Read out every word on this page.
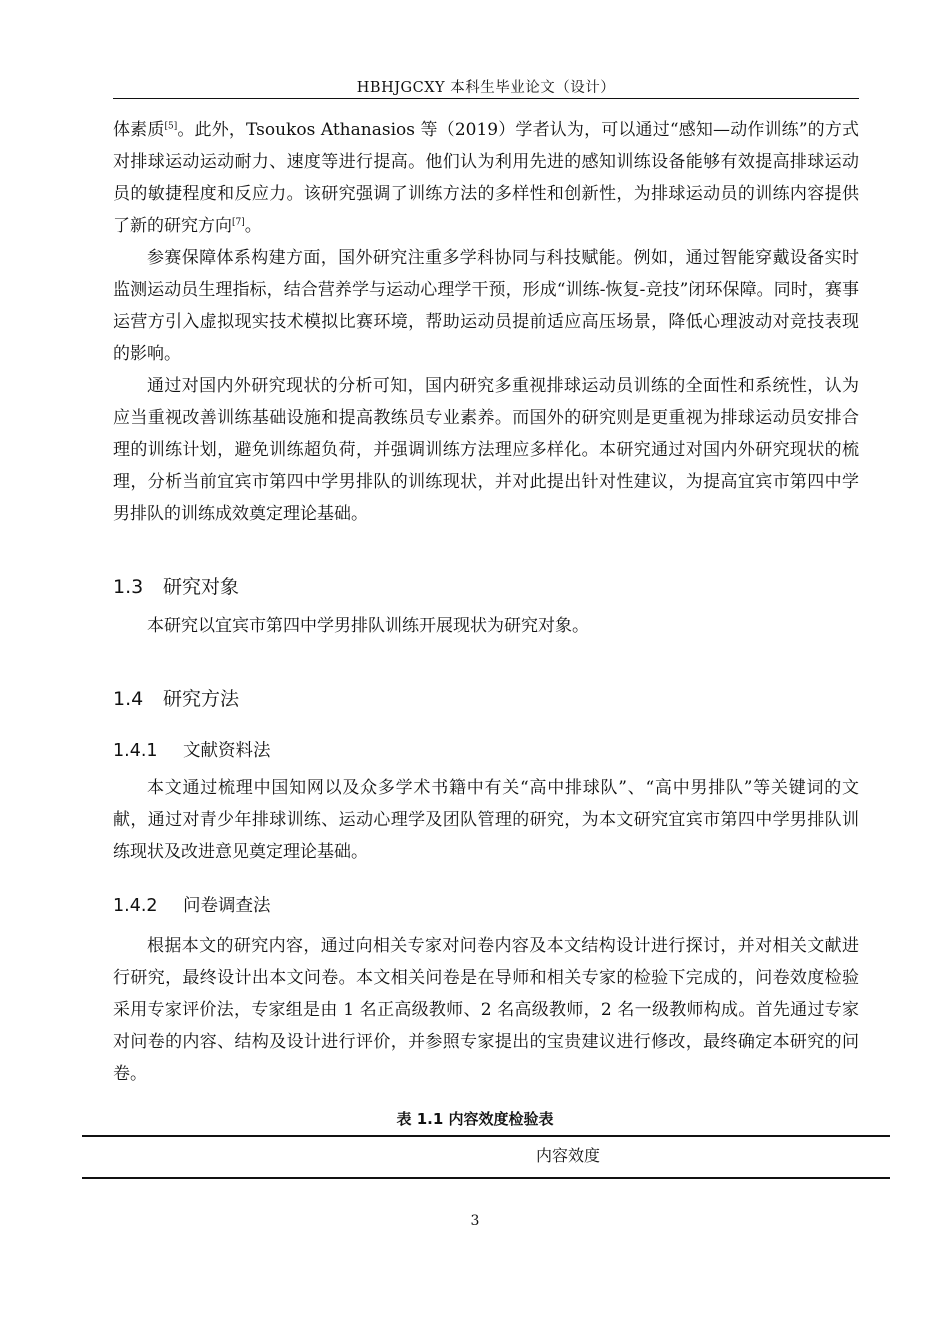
HBHJGCXY 本科生毕业论文（设计）

体素质[5]。此外，Tsoukos Athanasios 等（2019）学者认为，可以通过“感知—动作训练”的方式对排球运动运动耐力、速度等进行提高。他们认为利用先进的感知训练设备能够有效提高排球运动员的敏捷程度和反应力。该研究强调了训练方法的多样性和创新性，为排球运动员的训练内容提供了新的研究方向[7]。

参赛保障体系构建方面，国外研究注重多学科协同与科技赋能。例如，通过智能穿戴设备实时监测运动员生理指标，结合营养学与运动心理学干预，形成“训练-恢复-竞技”闭环保障。同时，赛事运营方引入虚拟现实技术模拟比赛环境，帮助运动员提前适应高压场景，降低心理波动对竞技表现的影响。

通过对国内外研究现状的分析可知，国内研究多重视排球运动员训练的全面性和系统性，认为应当重视改善训练基础设施和提高教练员专业素养。而国外的研究则是更重视为排球运动员安排合理的训练计划，避免训练超负荷，并强调训练方法理应多样化。本研究通过对国内外研究现状的梳理，分析当前宜宾市第四中学男排队的训练现状，并对此提出针对性建议，为提高宜宾市第四中学男排队的训练成效奠定理论基础。

1.3 研究对象

本研究以宜宾市第四中学男排队训练开展现状为研究对象。

1.4 研究方法
1.4.1 文献资料法

本文通过梳理中国知网以及众多学术书籍中有关“高中排球队”、“高中男排队”等关键词的文献，通过对青少年排球训练、运动心理学及团队管理的研究，为本文研究宜宾市第四中学男排队训练现状及改进意见奠定理论基础。

1.4.2 问卷调查法

根据本文的研究内容，通过向相关专家对问卷内容及本文结构设计进行探讨，并对相关文献进行研究，最终设计出本文问卷。本文相关问卷是在导师和相关专家的检验下完成的，问卷效度检验采用专家评价法，专家组是由 1 名正高级教师、2 名高级教师，2 名一级教师构成。首先通过专家对问卷的内容、结构及设计进行评价，并参照专家提出的宝贵建议进行修改，最终确定本研究的问卷。

表 1.1 内容效度检验表
内容效度
3
